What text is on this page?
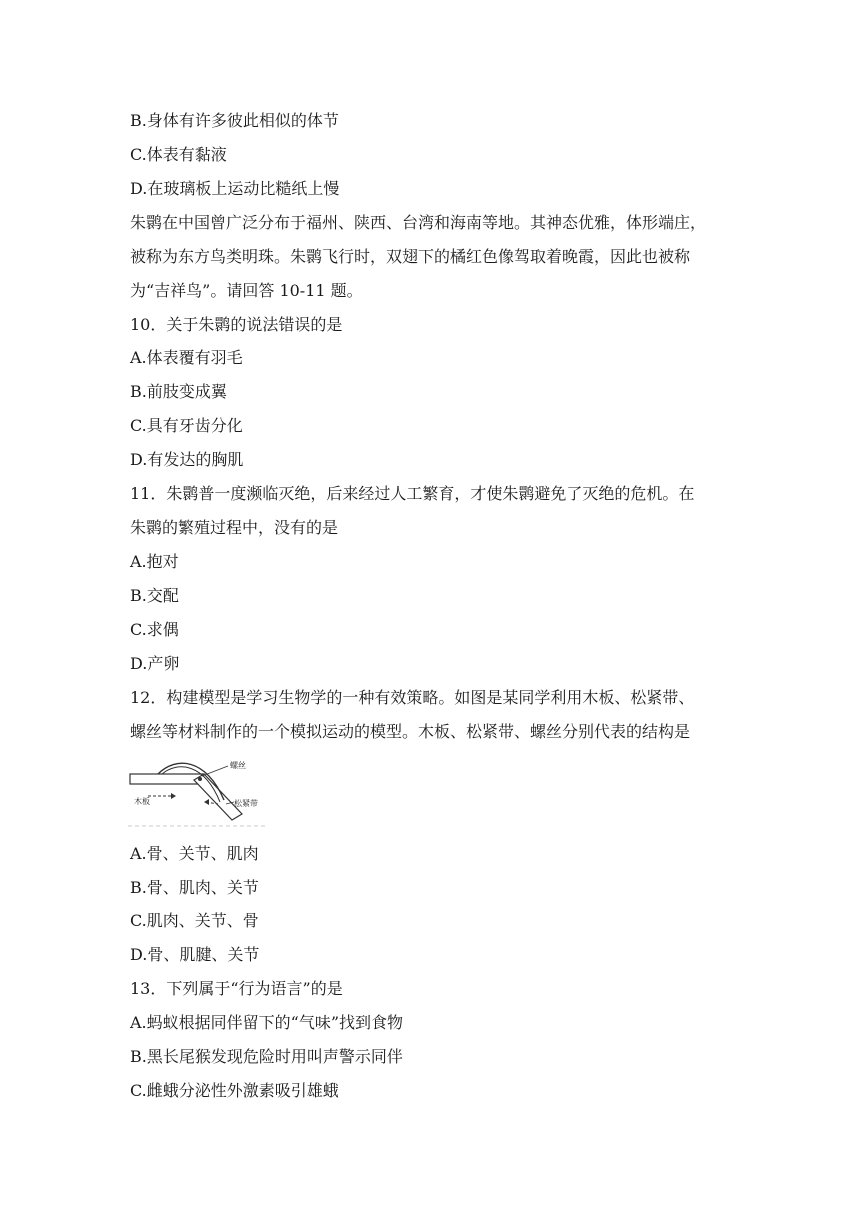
B.身体有许多彼此相似的体节
C.体表有黏液
D.在玻璃板上运动比糙纸上慢
朱鹮在中国曾广泛分布于福州、陕西、台湾和海南等地。其神态优雅，体形端庄，
被称为东方鸟类明珠。朱鹮飞行时，双翅下的橘红色像驾取着晚霞，因此也被称
为“吉祥鸟”。请回答 10-11 题。
10．关于朱鹮的说法错误的是
A.体表覆有羽毛
B.前肢变成翼
C.具有牙齿分化
D.有发达的胸肌
11．朱鹮普一度濒临灭绝，后来经过人工繁育，才使朱鹮避免了灭绝的危机。在
朱鹮的繁殖过程中，没有的是
A.抱对
B.交配
C.求偶
D.产卵
12．构建模型是学习生物学的一种有效策略。如图是某同学利用木板、松紧带、
螺丝等材料制作的一个模拟运动的模型。木板、松紧带、螺丝分别代表的结构是
螺丝
木板	松紧带
A.骨、关节、肌肉
B.骨、肌肉、关节
C.肌肉、关节、骨
D.骨、肌腱、关节
13．下列属于“行为语言”的是
A.蚂蚁根据同伴留下的“气味”找到食物
B.黑长尾猴发现危险时用叫声警示同伴
C.雌蛾分泌性外激素吸引雄蛾
